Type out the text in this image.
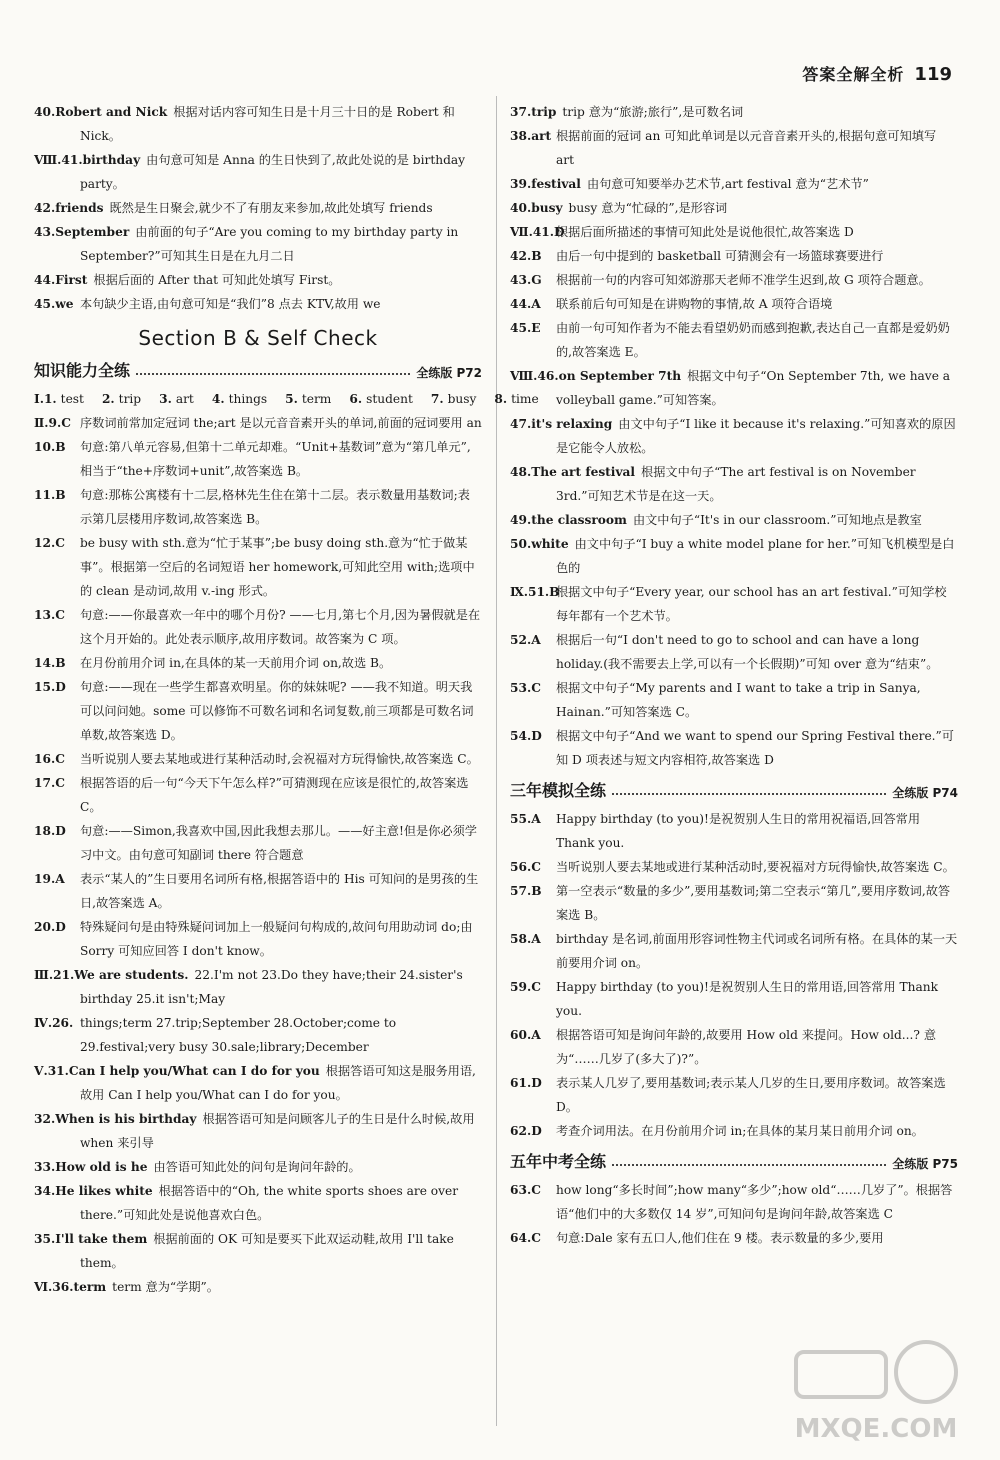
答案全解全析 119
40.Robert and Nick 根据对话内容可知生日是十月三十日的是 Robert 和 Nick。
Ⅷ.41.birthday 由句意可知是 Anna 的生日快到了,故此处说的是 birthday party。
42.friends 既然是生日聚会,就少不了有朋友来参加,故此处填写 friends
43.September 由前面的句子“Are you coming to my birthday party in September?”可知其生日是在九月二日
44.First 根据后面的 After that 可知此处填写 First。
45.we 本句缺少主语,由句意可知是“我们”8 点去 KTV,故用 we
Section B & Self Check
知识能力全练	全练版 P72
Ⅰ.1. test 2. trip 3. art 4. things 5. term 6. student 7. busy 8. time
Ⅱ.9.C 序数词前常加定冠词 the;art 是以元音音素开头的单词,前面的冠词要用 an
10.B 句意:第八单元容易,但第十二单元却难。“Unit+基数词”意为“第几单元”,相当于“the+序数词+unit”,故答案选 B。
11.B 句意:那栋公寓楼有十二层,格林先生住在第十二层。表示数量用基数词;表示第几层楼用序数词,故答案选 B。
12.C be busy with sth.意为“忙于某事”;be busy doing sth.意为“忙于做某事”。根据第一空后的名词短语 her homework,可知此空用 with;选项中的 clean 是动词,故用 v.-ing 形式。
13.C 句意:——你最喜欢一年中的哪个月份? ——七月,第七个月,因为暑假就是在这个月开始的。此处表示顺序,故用序数词。故答案为 C 项。
14.B 在月份前用介词 in,在具体的某一天前用介词 on,故选 B。
15.D 句意:——现在一些学生都喜欢明星。你的妹妹呢? ——我不知道。明天我可以问问她。some 可以修饰不可数名词和名词复数,前三项都是可数名词单数,故答案选 D。
16.C 当听说别人要去某地或进行某种活动时,会祝福对方玩得愉快,故答案选 C。
17.C 根据答语的后一句“今天下午怎么样?”可猜测现在应该是很忙的,故答案选 C。
18.D 句意:——Simon,我喜欢中国,因此我想去那儿。——好主意!但是你必须学习中文。由句意可知副词 there 符合题意
19.A 表示“某人的”生日要用名词所有格,根据答语中的 His 可知问的是男孩的生日,故答案选 A。
20.D 特殊疑问句是由特殊疑问词加上一般疑问句构成的,故问句用助动词 do;由 Sorry 可知应回答 I don't know。
Ⅲ.21.We are students. 22.I'm not 23.Do they have;their 24.sister's birthday 25.it isn't;May
Ⅳ.26. things;term 27.trip;September 28.October;come to 29.festival;very busy 30.sale;library;December
Ⅴ.31.Can I help you/What can I do for you 根据答语可知这是服务用语,故用 Can I help you/What can I do for you。
32.When is his birthday 根据答语可知是问顾客儿子的生日是什么时候,故用 when 来引导
33.How old is he 由答语可知此处的问句是询问年龄的。
34.He likes white 根据答语中的“Oh, the white sports shoes are over there.”可知此处是说他喜欢白色。
35.I'll take them 根据前面的 OK 可知是要买下此双运动鞋,故用 I'll take them。
Ⅵ.36.term term 意为“学期”。
37.trip trip 意为“旅游;旅行”,是可数名词
38.art 根据前面的冠词 an 可知此单词是以元音音素开头的,根据句意可知填写 art
39.festival 由句意可知要举办艺术节,art festival 意为“艺术节”
40.busy busy 意为“忙碌的”,是形容词
Ⅶ.41.D
根据后面所描述的事情可知此处是说他很忙,故答案选 D
42.B 由后一句中提到的 basketball 可猜测会有一场篮球赛要进行
43.G 根据前一句的内容可知郊游那天老师不准学生迟到,故 G 项符合题意。
44.A 联系前后句可知是在讲购物的事情,故 A 项符合语境
45.E 由前一句可知作者为不能去看望奶奶而感到抱歉,表达自己一直都是爱奶奶的,故答案选 E。
Ⅷ.46.on September 7th 根据文中句子“On September 7th, we have a volleyball game.”可知答案。
47.it's relaxing 由文中句子“I like it because it's relaxing.”可知喜欢的原因是它能令人放松。
48.The art festival 根据文中句子“The art festival is on November 3rd.”可知艺术节是在这一天。
49.the classroom 由文中句子“It's in our classroom.”可知地点是教室
50.white 由文中句子“I buy a white model plane for her.”可知飞机模型是白色的
Ⅸ.51.B
根据文中句子“Every year, our school has an art festival.”可知学校每年都有一个艺术节。
52.A 根据后一句“I don't need to go to school and can have a long holiday.(我不需要去上学,可以有一个长假期)”可知 over 意为“结束”。
53.C 根据文中句子“My parents and I want to take a trip in Sanya, Hainan.”可知答案选 C。
54.D 根据文中句子“And we want to spend our Spring Festival there.”可知 D 项表述与短文内容相符,故答案选 D
三年模拟全练	全练版 P74
55.A Happy birthday (to you)!是祝贺别人生日的常用祝福语,回答常用 Thank you.
56.C 当听说别人要去某地或进行某种活动时,要祝福对方玩得愉快,故答案选 C。
57.B 第一空表示“数量的多少”,要用基数词;第二空表示“第几”,要用序数词,故答案选 B。
58.A birthday 是名词,前面用形容词性物主代词或名词所有格。在具体的某一天前要用介词 on。
59.C Happy birthday (to you)!是祝贺别人生日的常用语,回答常用 Thank you.
60.A 根据答语可知是询问年龄的,故要用 How old 来提问。How old...? 意为“……几岁了(多大了)?”。
61.D 表示某人几岁了,要用基数词;表示某人几岁的生日,要用序数词。故答案选 D。
62.D 考查介词用法。在月份前用介词 in;在具体的某月某日前用介词 on。
五年中考全练	全练版 P75
63.C how long“多长时间”;how many“多少”;how old“……几岁了”。根据答语“他们中的大多数仅 14 岁”,可知问句是询问年龄,故答案选 C
64.C 句意:Dale 家有五口人,他们住在 9 楼。表示数量的多少,要用
MXQE.COM
